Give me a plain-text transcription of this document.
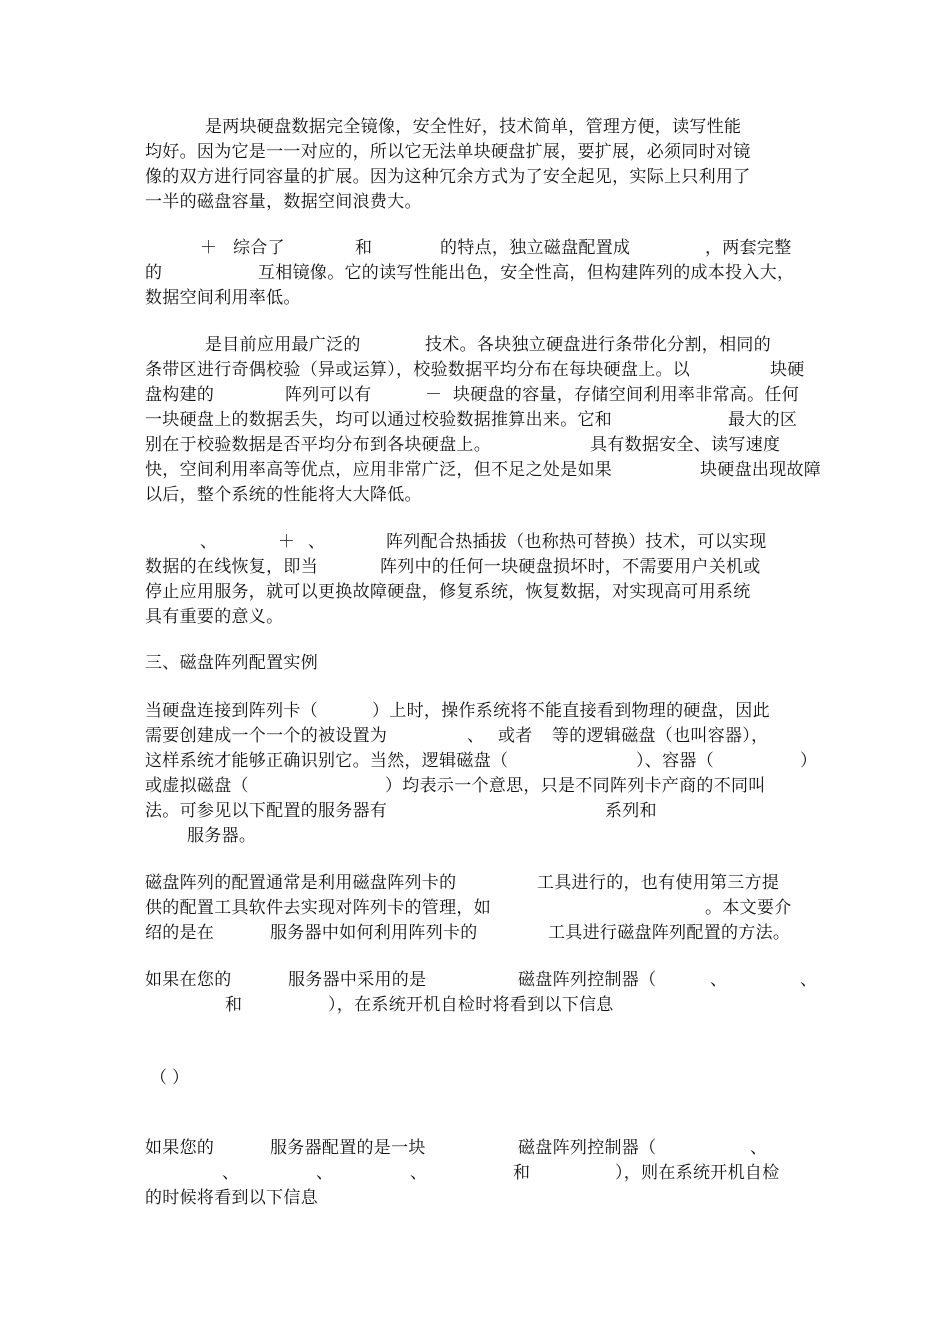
是两块硬盘数据完全镜像，安全性好，技术简单，管理方便，读写性能
均好。因为它是一一对应的，所以它无法单块硬盘扩展，要扩展，必须同时对镜
像的双方进行同容量的扩展。因为这种冗余方式为了安全起见，实际上只利用了
一半的磁盘容量，数据空间浪费大。
＋ 综合了	和	的特点，独立磁盘配置成	，两套完整
的	互相镜像。它的读写性能出色，安全性高，但构建阵列的成本投入大，
数据空间利用率低。
是目前应用最广泛的	技术。各块独立硬盘进行条带化分割，相同的
条带区进行奇偶校验（异或运算），校验数据平均分布在每块硬盘上。以	块硬
盘构建的	阵列可以有	－ 块硬盘的容量，存储空间利用率非常高。任何
一块硬盘上的数据丢失，均可以通过校验数据推算出来。它和	最大的区
别在于校验数据是否平均分布到各块硬盘上。	具有数据安全、读写速度
快，空间利用率高等优点，应用非常广泛，但不足之处是如果	块硬盘出现故障
以后，整个系统的性能将大大降低。
、	＋ 、	阵列配合热插拔（也称热可替换）技术，可以实现
数据的在线恢复，即当	阵列中的任何一块硬盘损坏时，不需要用户关机或
停止应用服务，就可以更换故障硬盘，修复系统，恢复数据，对实现高可用系统
具有重要的意义。
三、磁盘阵列配置实例
当硬盘连接到阵列卡（	）上时，操作系统将不能直接看到物理的硬盘，因此
需要创建成一个一个的被设置为	、 或者 等的逻辑磁盘（也叫容器），
这样系统才能够正确识别它。当然，逻辑磁盘（	）、容器（	）
或虚拟磁盘（	）均表示一个意思，只是不同阵列卡产商的不同叫
法。可参见以下配置的服务器有	系列和
服务器。
磁盘阵列的配置通常是利用磁盘阵列卡的	工具进行的，也有使用第三方提
供的配置工具软件去实现对阵列卡的管理，如	。本文要介
绍的是在	服务器中如何利用阵列卡的	工具进行磁盘阵列配置的方法。
如果在您的	服务器中采用的是	磁盘阵列控制器（	、	、
和	），在系统开机自检时将看到以下信息
（ ）
如果您的	服务器配置的是一块	磁盘阵列控制器（	、
、	、	、	和	），则在系统开机自检
的时候将看到以下信息
